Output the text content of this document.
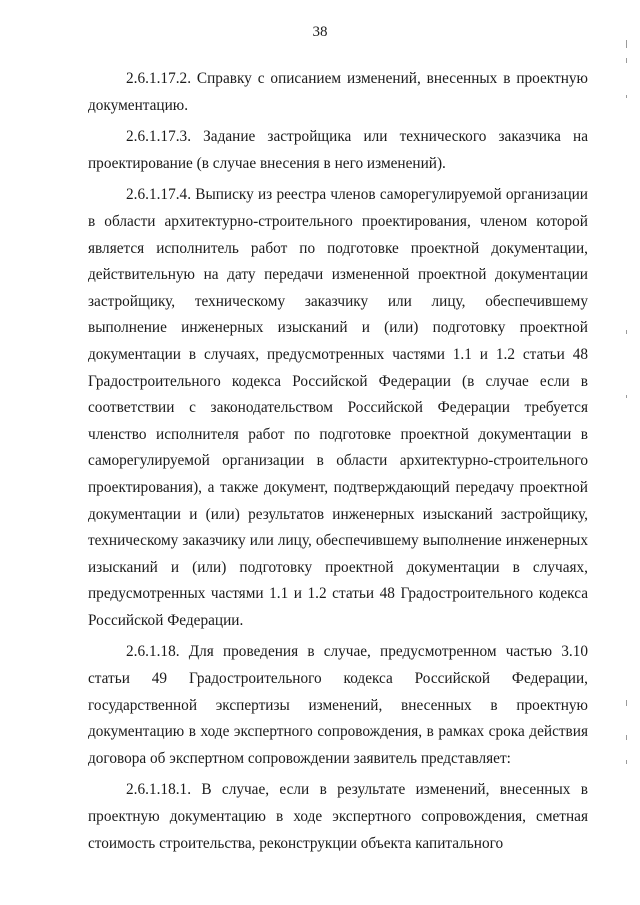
38

2.6.1.17.2. Справку с описанием изменений, внесенных в проектную документацию.

2.6.1.17.3. Задание застройщика или технического заказчика на проектирование (в случае внесения в него изменений).

2.6.1.17.4. Выписку из реестра членов саморегулируемой организации в области архитектурно-строительного проектирования, членом которой является исполнитель работ по подготовке проектной документации, действительную на дату передачи измененной проектной документации застройщику, техническому заказчику или лицу, обеспечившему выполнение инженерных изысканий и (или) подготовку проектной документации в случаях, предусмотренных частями 1.1 и 1.2 статьи 48 Градостроительного кодекса Российской Федерации (в случае если в соответствии с законодательством Российской Федерации требуется членство исполнителя работ по подготовке проектной документации в саморегулируемой организации в области архитектурно-строительного проектирования), а также документ, подтверждающий передачу проектной документации и (или) результатов инженерных изысканий застройщику, техническому заказчику или лицу, обеспечившему выполнение инженерных изысканий и (или) подготовку проектной документации в случаях, предусмотренных частями 1.1 и 1.2 статьи 48 Градостроительного кодекса Российской Федерации.

2.6.1.18. Для проведения в случае, предусмотренном частью 3.10 статьи 49 Градостроительного кодекса Российской Федерации, государственной экспертизы изменений, внесенных в проектную документацию в ходе экспертного сопровождения, в рамках срока действия договора об экспертном сопровождении заявитель представляет:

2.6.1.18.1. В случае, если в результате изменений, внесенных в проектную документацию в ходе экспертного сопровождения, сметная стоимость строительства, реконструкции объекта капитального
